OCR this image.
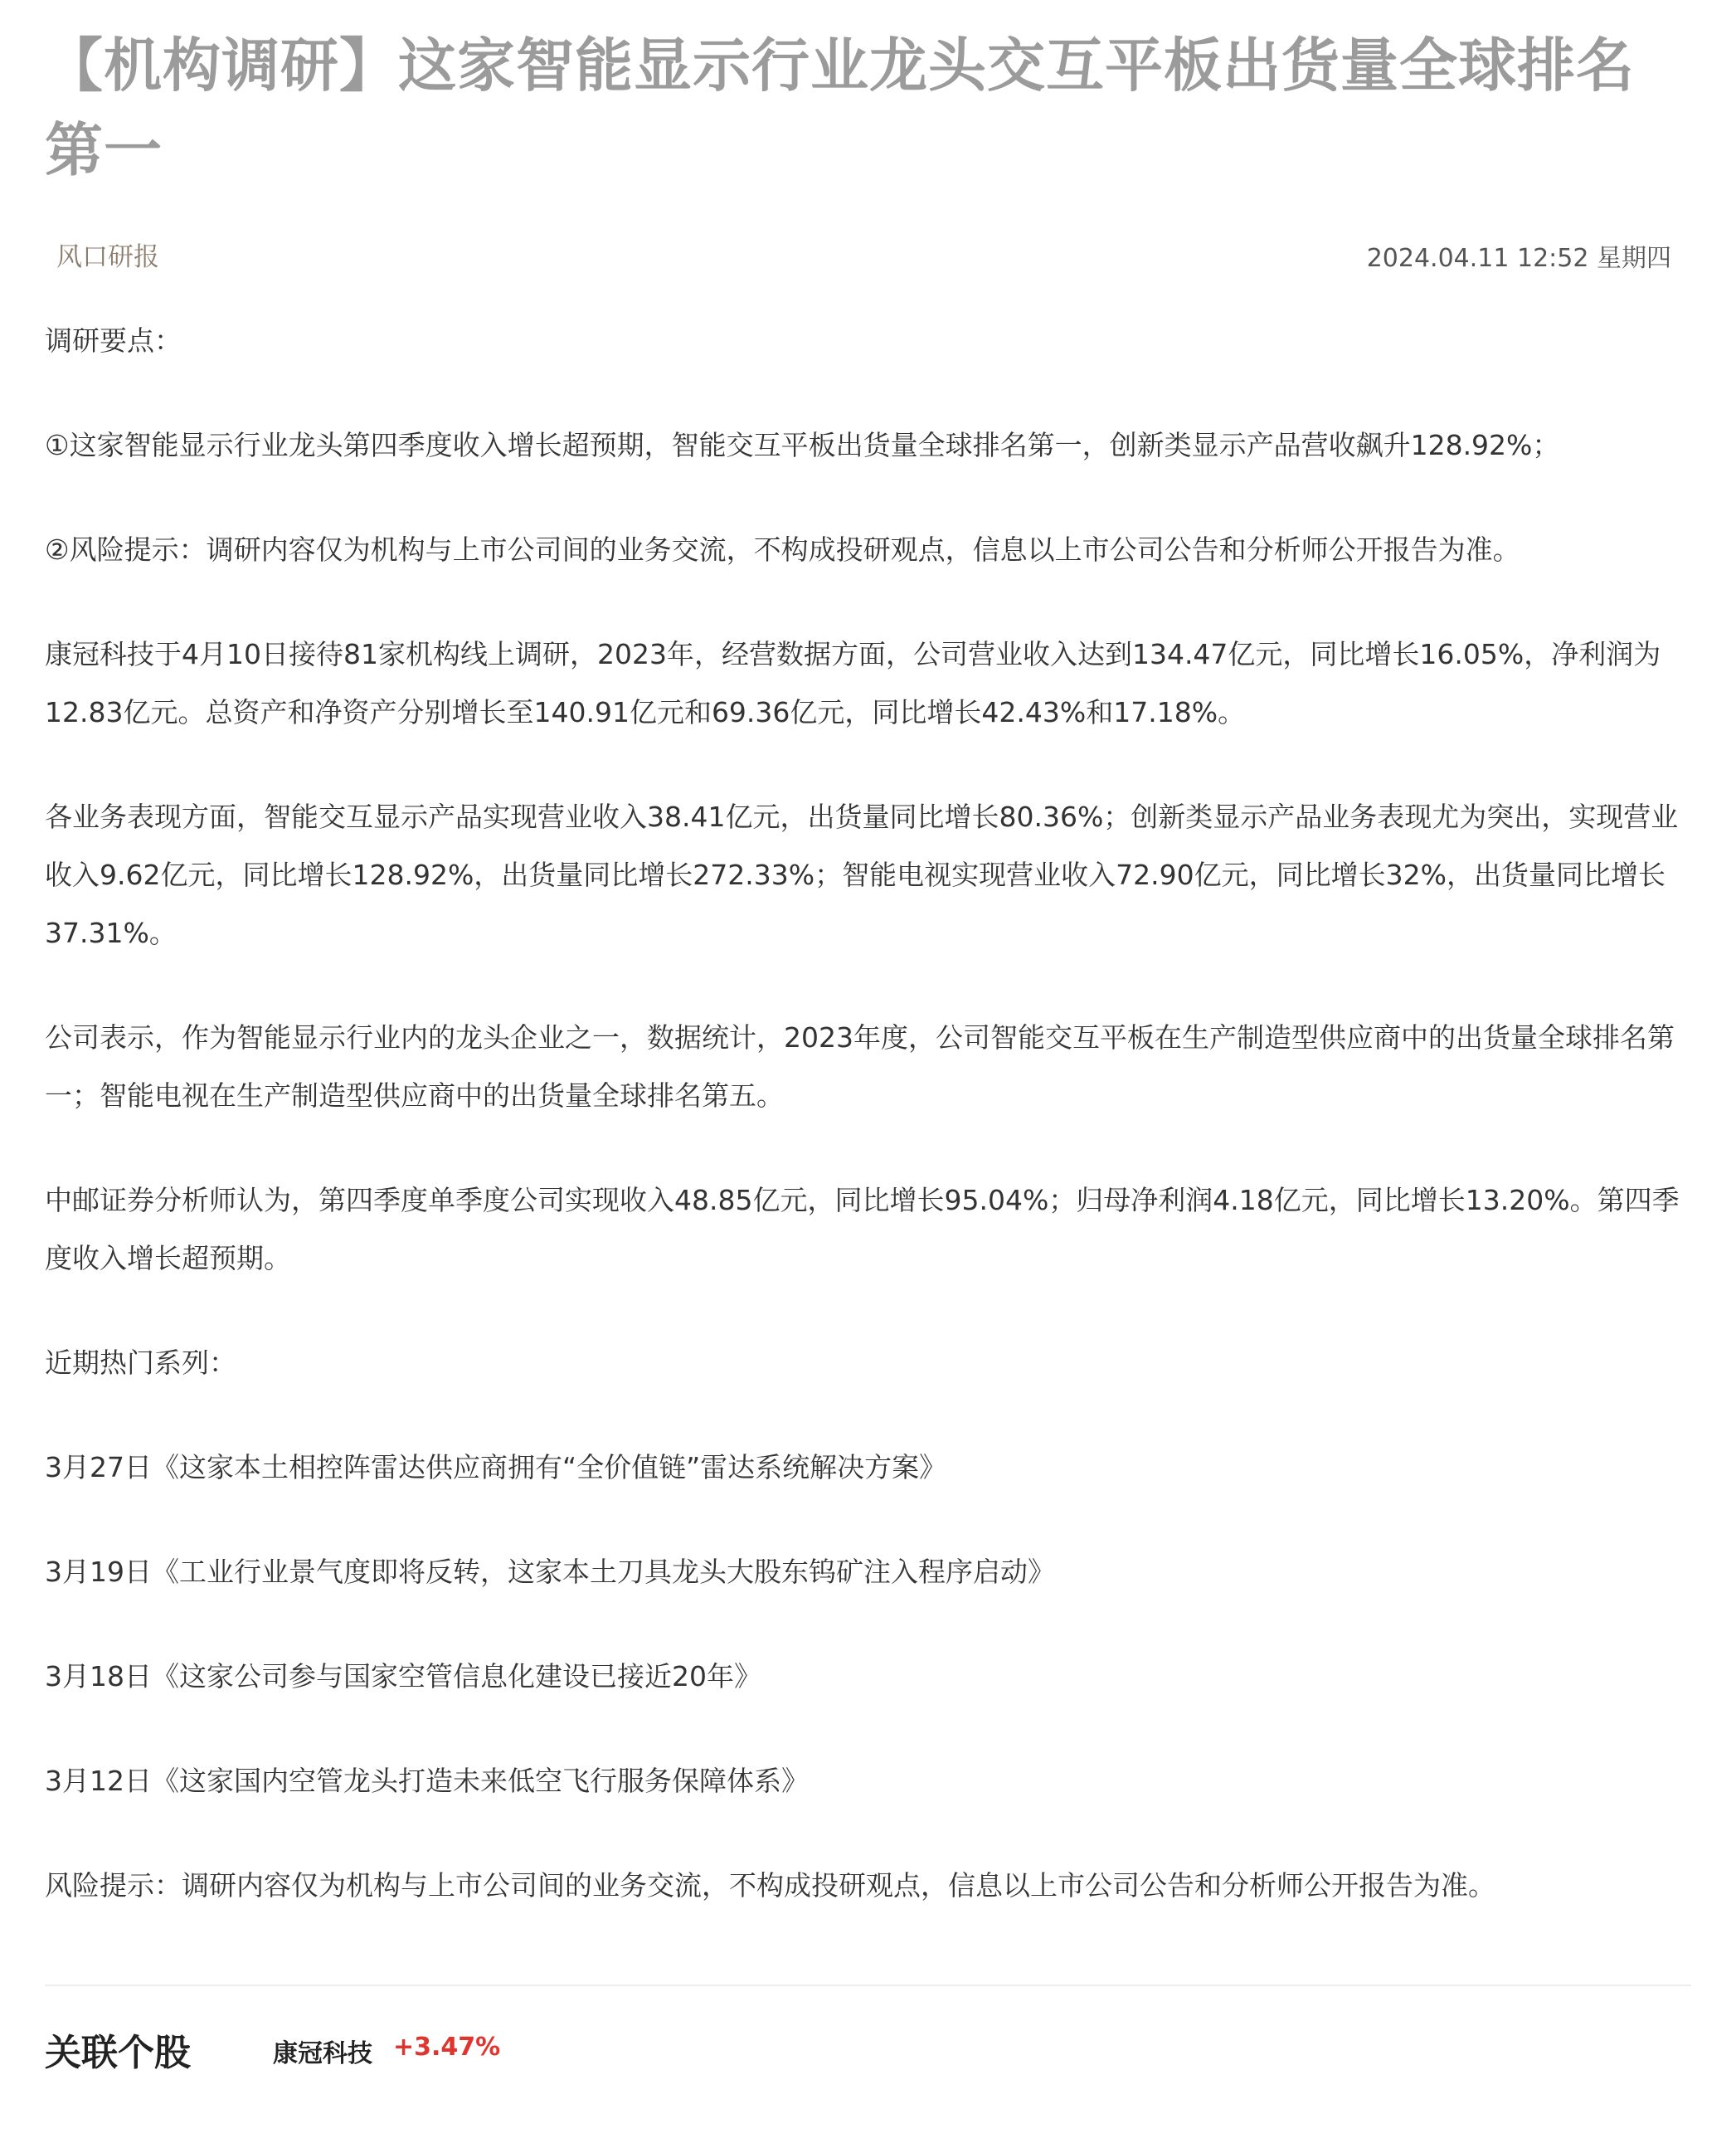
【机构调研】这家智能显示行业龙头交互平板出货量全球排名第一
风口研报	2024.04.11 12:52 星期四

调研要点：

①这家智能显示行业龙头第四季度收入增长超预期，智能交互平板出货量全球排名第一，创新类显示产品营收飙升128.92%；

②风险提示：调研内容仅为机构与上市公司间的业务交流，不构成投研观点，信息以上市公司公告和分析师公开报告为准。

康冠科技于4月10日接待81家机构线上调研，2023年，经营数据方面，公司营业收入达到134.47亿元，同比增长16.05%，净利润为12.83亿元。总资产和净资产分别增长至140.91亿元和69.36亿元，同比增长42.43%和17.18%。

各业务表现方面，智能交互显示产品实现营业收入38.41亿元，出货量同比增长80.36%；创新类显示产品业务表现尤为突出，实现营业收入9.62亿元，同比增长128.92%，出货量同比增长272.33%；智能电视实现营业收入72.90亿元，同比增长32%，出货量同比增长37.31%。

公司表示，作为智能显示行业内的龙头企业之一，数据统计，2023年度，公司智能交互平板在生产制造型供应商中的出货量全球排名第一；智能电视在生产制造型供应商中的出货量全球排名第五。

中邮证券分析师认为，第四季度单季度公司实现收入48.85亿元，同比增长95.04%；归母净利润4.18亿元，同比增长13.20%。第四季度收入增长超预期。

近期热门系列：

3月27日《这家本土相控阵雷达供应商拥有“全价值链”雷达系统解决方案》

3月19日《工业行业景气度即将反转，这家本土刀具龙头大股东钨矿注入程序启动》

3月18日《这家公司参与国家空管信息化建设已接近20年》

3月12日《这家国内空管龙头打造未来低空飞行服务保障体系》

风险提示：调研内容仅为机构与上市公司间的业务交流，不构成投研观点，信息以上市公司公告和分析师公开报告为准。

关联个股	康冠科技 +3.47%
